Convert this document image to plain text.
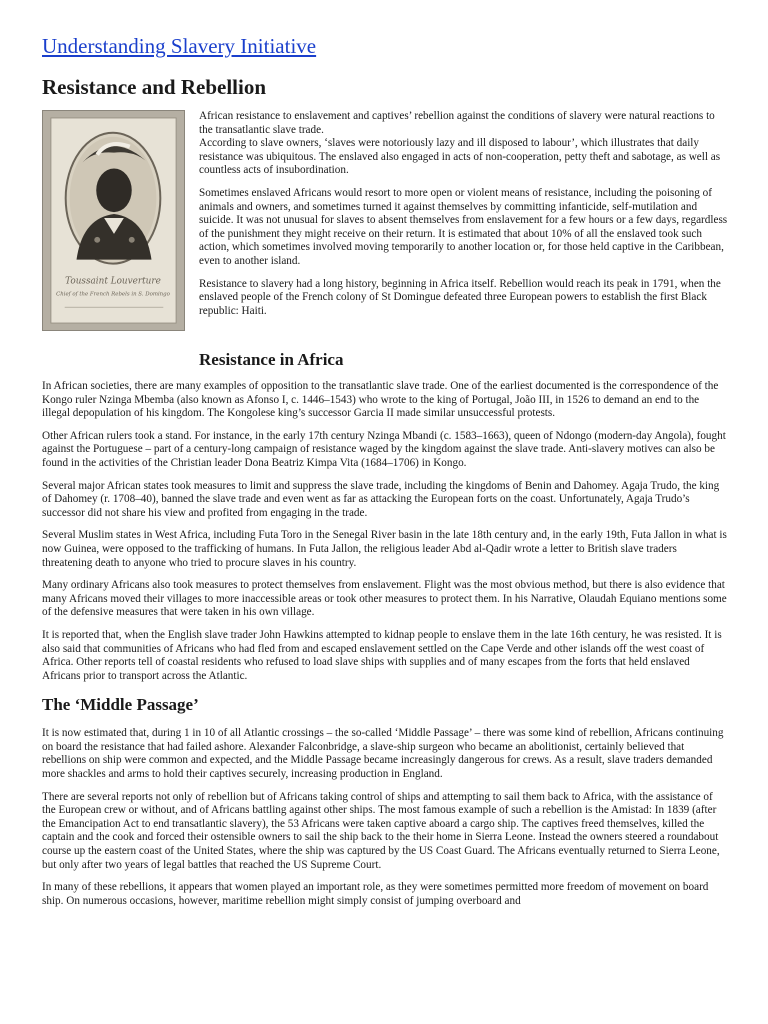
Understanding Slavery Initiative
Resistance and Rebellion
Toussaint Louverture
Chief of the French Rebels in S. Domingo

African resistance to enslavement and captives’ rebellion against the conditions of slavery were natural reactions to the transatlantic slave trade.

According to slave owners, ‘slaves were notoriously lazy and ill disposed to labour’, which illustrates that daily resistance was ubiquitous. The enslaved also engaged in acts of non-cooperation, petty theft and sabotage, as well as countless acts of insubordination.

Sometimes enslaved Africans would resort to more open or violent means of resistance, including the poisoning of animals and owners, and sometimes turned it against themselves by committing infanticide, self-mutilation and suicide. It was not unusual for slaves to absent themselves from enslavement for a few hours or a few days, regardless of the punishment they might receive on their return. It is estimated that about 10% of all the enslaved took such action, which sometimes involved moving temporarily to another location or, for those held captive in the Caribbean, even to another island.

Resistance to slavery had a long history, beginning in Africa itself. Rebellion would reach its peak in 1791, when the enslaved people of the French colony of St Domingue defeated three European powers to establish the first Black republic: Haiti.

Resistance in Africa

In African societies, there are many examples of opposition to the transatlantic slave trade. One of the earliest documented is the correspondence of the Kongo ruler Nzinga Mbemba (also known as Afonso I, c. 1446–1543) who wrote to the king of Portugal, João III, in 1526 to demand an end to the illegal depopulation of his kingdom. The Kongolese king’s successor Garcia II made similar unsuccessful protests.

Other African rulers took a stand. For instance, in the early 17th century Nzinga Mbandi (c. 1583–1663), queen of Ndongo (modern-day Angola), fought against the Portuguese – part of a century-long campaign of resistance waged by the kingdom against the slave trade. Anti-slavery motives can also be found in the activities of the Christian leader Dona Beatriz Kimpa Vita (1684–1706) in Kongo.

Several major African states took measures to limit and suppress the slave trade, including the kingdoms of Benin and Dahomey. Agaja Trudo, the king of Dahomey (r. 1708–40), banned the slave trade and even went as far as attacking the European forts on the coast. Unfortunately, Agaja Trudo’s successor did not share his view and profited from engaging in the trade.

Several Muslim states in West Africa, including Futa Toro in the Senegal River basin in the late 18th century and, in the early 19th, Futa Jallon in what is now Guinea, were opposed to the trafficking of humans. In Futa Jallon, the religious leader Abd al-Qadir wrote a letter to British slave traders threatening death to anyone who tried to procure slaves in his country.

Many ordinary Africans also took measures to protect themselves from enslavement. Flight was the most obvious method, but there is also evidence that many Africans moved their villages to more inaccessible areas or took other measures to protect them. In his Narrative, Olaudah Equiano mentions some of the defensive measures that were taken in his own village.

It is reported that, when the English slave trader John Hawkins attempted to kidnap people to enslave them in the late 16th century, he was resisted. It is also said that communities of Africans who had fled from and escaped enslavement settled on the Cape Verde and other islands off the west coast of Africa. Other reports tell of coastal residents who refused to load slave ships with supplies and of many escapes from the forts that held enslaved Africans prior to transport across the Atlantic.

The ‘Middle Passage’

It is now estimated that, during 1 in 10 of all Atlantic crossings – the so-called ‘Middle Passage’ – there was some kind of rebellion, Africans continuing on board the resistance that had failed ashore. Alexander Falconbridge, a slave-ship surgeon who became an abolitionist, certainly believed that rebellions on ship were common and expected, and the Middle Passage became increasingly dangerous for crews. As a result, slave traders demanded more shackles and arms to hold their captives securely, increasing production in England.

There are several reports not only of rebellion but of Africans taking control of ships and attempting to sail them back to Africa, with the assistance of the European crew or without, and of Africans battling against other ships. The most famous example of such a rebellion is the Amistad: In 1839 (after the Emancipation Act to end transatlantic slavery), the 53 Africans were taken captive aboard a cargo ship. The captives freed themselves, killed the captain and the cook and forced their ostensible owners to sail the ship back to the their home in Sierra Leone. Instead the owners steered a roundabout course up the eastern coast of the United States, where the ship was captured by the US Coast Guard. The Africans eventually returned to Sierra Leone, but only after two years of legal battles that reached the US Supreme Court.

In many of these rebellions, it appears that women played an important role, as they were sometimes permitted more freedom of movement on board ship. On numerous occasions, however, maritime rebellion might simply consist of jumping overboard and
